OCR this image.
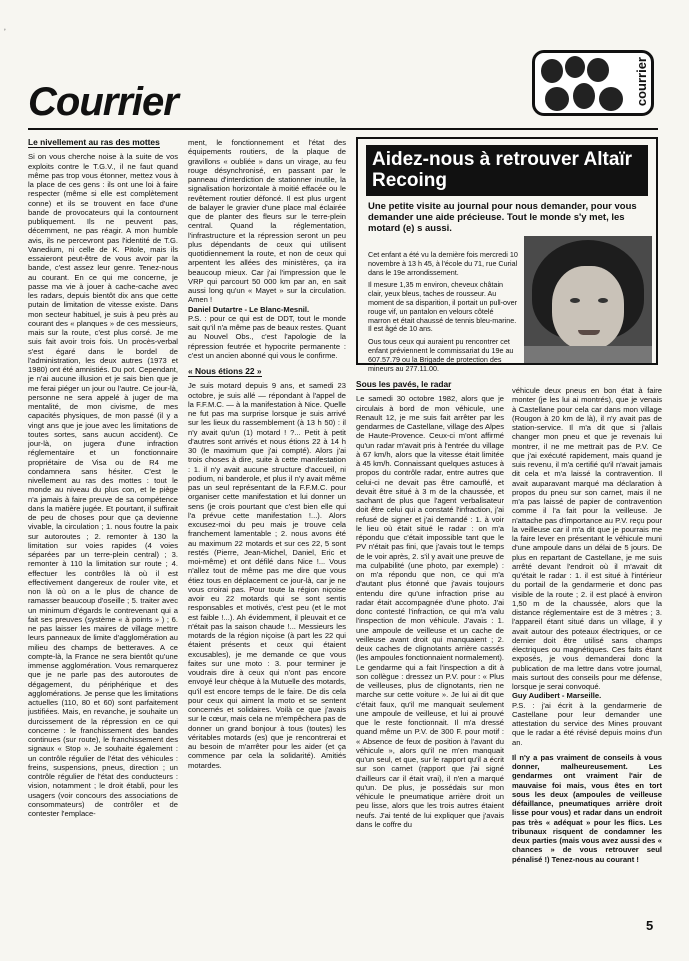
ʼ
Courrier	courrier
Le nivellement au ras des mottes

Si on vous cherche noise à la suite de vos exploits contre le T.G.V., il ne faut quand même pas trop vous étonner, mettez vous à la place de ces gens : ils ont une loi à faire respecter (même si elle est complètement conne) et ils se trouvent en face d'une bande de provocateurs qui la contournent publiquement. Ils ne peuvent pas, décemment, ne pas réagir. A mon humble avis, ils ne percevront pas l'identité de T.G. Vanedium, ni celle de K. Pitole, mais ils essaieront peut-être de vous avoir par la bande, c'est assez leur genre. Tenez-nous au courant. En ce qui me concerne, je passe ma vie à jouer à cache-cache avec les radars, depuis bientôt dix ans que cette putain de limitation de vitesse existe. Dans mon secteur habituel, je suis à peu près au courant des « planques » de ces messieurs, mais sur la route, c'est plus corsé. Je me suis fait avoir trois fois. Un procès-verbal s'est égaré dans le bordel de l'administration, les deux autres (1973 et 1980) ont été amnistiés. Du pot. Cependant, je n'ai aucune illusion et je sais bien que je me ferai piéger un jour ou l'autre. Ce jour-là, personne ne sera appelé à juger de ma mentalité, de mon civisme, de mes capacités physiques, de mon passé (il y a vingt ans que je joue avec les limitations de toutes sortes, sans aucun accident). Ce jour-là, on jugera d'une infraction réglementaire et un fonctionnaire propriétaire de Visa ou de R4 me condamnera sans hésiter. C'est le nivellement au ras des mottes : tout le monde au niveau du plus con, et le piège n'a jamais à faire preuve de sa compétence dans la matière jugée. Et pourtant, il suffirait de peu de choses pour que ça devienne vivable, la circulation ; 1. nous foutre la paix sur autoroutes ; 2. remonter à 130 la limitation sur voies rapides (4 voies séparées par un terre-plein central) ; 3. remonter à 110 la limitation sur route ; 4. effectuer les contrôles là où il est effectivement dangereux de rouler vite, et non là où on a le plus de chance de ramasser beaucoup d'oseille ; 5. traiter avec un minimum d'égards le contrevenant qui a fait ses preuves (système « à points » ) ; 6. ne pas laisser les maires de village mettre leurs panneaux de limite d'agglomération au milieu des champs de betteraves. A ce compte-là, la France ne sera bientôt qu'une immense agglomération. Vous remarquerez que je ne parle pas des autoroutes de dégagement, du périphérique et des agglomérations. Je pense que les limitations actuelles (110, 80 et 60) sont parfaitement justifiées. Mais, en revanche, je souhaite un durcissement de la répression en ce qui concerne : le franchissement des bandes continues (sur route), le franchissement des signaux « Stop ». Je souhaite également : un contrôle régulier de l'état des véhicules : freins, suspensions, pneus, direction ; un contrôle régulier de l'état des conducteurs : vision, notamment ; le droit établi, pour les usagers (voir concours des associations de consommateurs) de contrôler et de contester l'emplace-

ment, le fonctionnement et l'état des équipements routiers, de la plaque de gravillons « oubliée » dans un virage, au feu rouge désynchronisé, en passant par le panneau d'interdiction de stationner inutile, la signalisation horizontale à moitié effacée ou le revêtement routier défoncé. Il est plus urgent de balayer le gravier d'une place mal éclairée que de planter des fleurs sur le terre-plein central. Quand la réglementation, l'infrastructure et la répression seront un peu plus dépendants de ceux qui utilisent quotidiennement la route, et non de ceux qui arpentent les allées des ministères, ça ira beaucoup mieux. Car j'ai l'impression que le VRP qui parcourt 50 000 km par an, en sait aussi long qu'un « Mayet » sur la circulation. Amen !

Daniel Dutartre - Le Blanc-Mesnil.

P.S. : pour ce qui est de DDT, tout le monde sait qu'il n'a même pas de beaux restes. Quant au Nouvel Obs., c'est l'apologie de la répression feutrée et hypocrite permanente : c'est un ancien abonné qui vous le confirme.

« Nous étions 22 »

Je suis motard depuis 9 ans, et samedi 23 octobre, je suis allé — répondant à l'appel de la F.F.M.C. — à la manifestation à Nice. Quelle ne fut pas ma surprise lorsque je suis arrivé sur les lieux du rassemblement (à 13 h 50) : il n'y avait qu'un (1) motard ! ?... Petit à petit d'autres sont arrivés et nous étions 22 à 14 h 30 (le maximum que j'ai compté). Alors j'ai trois choses à dire, suite à cette manifestation : 1. il n'y avait aucune structure d'accueil, ni podium, ni banderole, et plus il n'y avait même pas un seul représentant de la F.F.M.C. pour organiser cette manifestation et lui donner un sens (je crois pourtant que c'est bien elle qui l'a prévue cette manifestation !...). Alors excusez-moi du peu mais je trouve cela franchement lamentable ; 2. nous avons été au maximum 22 motards et sur ces 22, 5 sont restés (Pierre, Jean-Michel, Daniel, Eric et moi-même) et ont défilé dans Nice !... Vous n'allez tout de même pas me dire que vous étiez tous en déplacement ce jour-là, car je ne vous croirai pas. Pour toute la région niçoise avoir eu 22 motards qui se sont sentis responsables et motivés, c'est peu (et le mot est faible !...). Ah évidemment, il pleuvait et ce n'était pas la saison chaude !... Messieurs les motards de la région niçoise (à part les 22 qui étaient présents et ceux qui étaient excusables), je me demande ce que vous faites sur une moto : 3. pour terminer je voudrais dire à ceux qui n'ont pas encore envoyé leur chèque à la Mutuelle des motards, qu'il est encore temps de le faire. De dis cela pour ceux qui aiment la moto et se sentent concernés et solidaires. Voilà ce que j'avais sur le cœur, mais cela ne m'empêchera pas de donner un grand bonjour à tous (toutes) les véritables motards (es) que je rencontrerai et au besoin de m'arrêter pour les aider (et ça commence par cela la solidarité). Amitiés motardes.

Aidez-nous à retrouver Altaïr Recoing
Une petite visite au journal pour nous demander, pour vous demander une aide précieuse. Tout le monde s'y met, les motard (e) s aussi.

Cet enfant a été vu la dernière fois mercredi 10 novembre à 13 h 45, à l'école du 71, rue Curial dans le 19e arrondissement.

Il mesure 1,35 m environ, cheveux châtain clair, yeux bleus, taches de rousseur. Au moment de sa disparition, il portait un pull-over rouge vif, un pantalon en velours côtelé marron et était chaussé de tennis bleu-marine. Il est âgé de 10 ans.

Ous tous ceux qui auraient pu rencontrer cet enfant préviennent le commissariat du 19e au 607.57.79 ou la Brigade de protection des mineurs au 277.11.00.

Sous les pavés, le radar

Le samedi 30 octobre 1982, alors que je circulais à bord de mon véhicule, une Renault 12, je me suis fait arrêter par les gendarmes de Castellane, village des Alpes de Haute-Provence. Ceux-ci m'ont affirmé qu'un radar m'avait pris à l'entrée du village à 67 km/h, alors que la vitesse était limitée à 45 km/h. Connaissant quelques astuces à propos du contrôle radar, entre autres que celui-ci ne devait pas être camouflé, et devait être situé à 3 m de la chaussée, et sachant de plus que l'agent verbalisateur doit être celui qui a constaté l'infraction, j'ai refusé de signer et j'ai demandé : 1. à voir le lieu où était situé le radar : on m'a répondu que c'était impossible tant que le PV n'était pas fini, que j'avais tout le temps de le voir après, 2. s'il y avait une preuve de ma culpabilité (une photo, par exemple) : on m'a répondu que non, ce qui m'a d'autant plus étonné que j'avais toujours entendu dire qu'une infraction prise au radar était accompagnée d'une photo. J'ai donc contesté l'infraction, ce qui m'a valu l'inspection de mon véhicule. J'avais : 1. une ampoule de veilleuse et un cache de veilleuse avant droit qui manquaient ; 2. deux caches de clignotants arrière cassés (les ampoules fonctionnaient normalement). Le gendarme qui a fait l'inspection a dit à son collègue : dressez un P.V. pour : « Plus de veilleuses, plus de clignotants, rien ne marche sur cette voiture ». Je lui ai dit que c'était faux, qu'il me manquait seulement une ampoule de veilleuse, et lui ai prouvé que le reste fonctionnait. Il m'a dressé quand même un P.V. de 300 F. pour motif : « Absence de feux de position à l'avant du véhicule », alors qu'il ne m'en manquait qu'un seul, et que, sur le rapport qu'il a écrit sur son carnet (rapport que j'ai signé d'ailleurs car il était vrai), il n'en a marqué qu'un. De plus, je possédais sur mon véhicule le pneumatique arrière droit un peu lisse, alors que les trois autres étaient neufs. J'ai tenté de lui expliquer que j'avais dans le coffre du

véhicule deux pneus en bon état à faire monter (je les lui ai montrés), que je venais à Castellane pour cela car dans mon village (Rougon à 20 km de là), il n'y avait pas de station-service. Il m'a dit que si j'allais changer mon pneu et que je revenais lui montrer, il ne me mettrait pas de P.V. Ce que j'ai exécuté rapidement, mais quand je suis revenu, il m'a certifié qu'il n'avait jamais dit cela et m'a laissé la contravention. Il avait auparavant marqué ma déclaration à propos du pneu sur son carnet, mais il ne m'a pas laissé de papier de contravention comme il l'a fait pour la veilleuse. Je n'attache pas d'importance au P.V. reçu pour la veilleuse car il m'a dit que je pourrais me la faire lever en présentant le véhicule muni d'une ampoule dans un délai de 5 jours. De plus en repartant de Castellane, je me suis arrêté devant l'endroit où il m'avait dit qu'était le radar : 1. il est situé à l'intérieur du portail de la gendarmerie et donc pas visible de la route ; 2. il est placé à environ 1,50 m de la chaussée, alors que la distance réglementaire est de 3 mètres ; 3. l'appareil étant situé dans un village, il y avait autour des poteaux électriques, or ce dernier doit être utilisé sans champs électriques ou magnétiques. Ces faits étant exposés, je vous demanderai donc la publication de ma lettre dans votre journal, mais surtout des conseils pour me défense, lorsque je serai convoqué.

Guy Audibert - Marseille.

P.S. : j'ai écrit à la gendarmerie de Castellane pour leur demander une attestation du service des Mines prouvant que le radar a été révisé depuis moins d'un an.

Il n'y a pas vraiment de conseils à vous donner, malheureusement. Les gendarmes ont vraiment l'air de mauvaise foi mais, vous êtes en tort sous les deux (ampoules de veilleuse défaillance, pneumatiques arrière droit lisse pour vous) et radar dans un endroit pas très « adéquat » pour les flics. Les tribunaux risquent de condamner les deux parties (mais vous avez aussi des « chances » de vous retrouver seul pénalisé !) Tenez-nous au courant !

5
